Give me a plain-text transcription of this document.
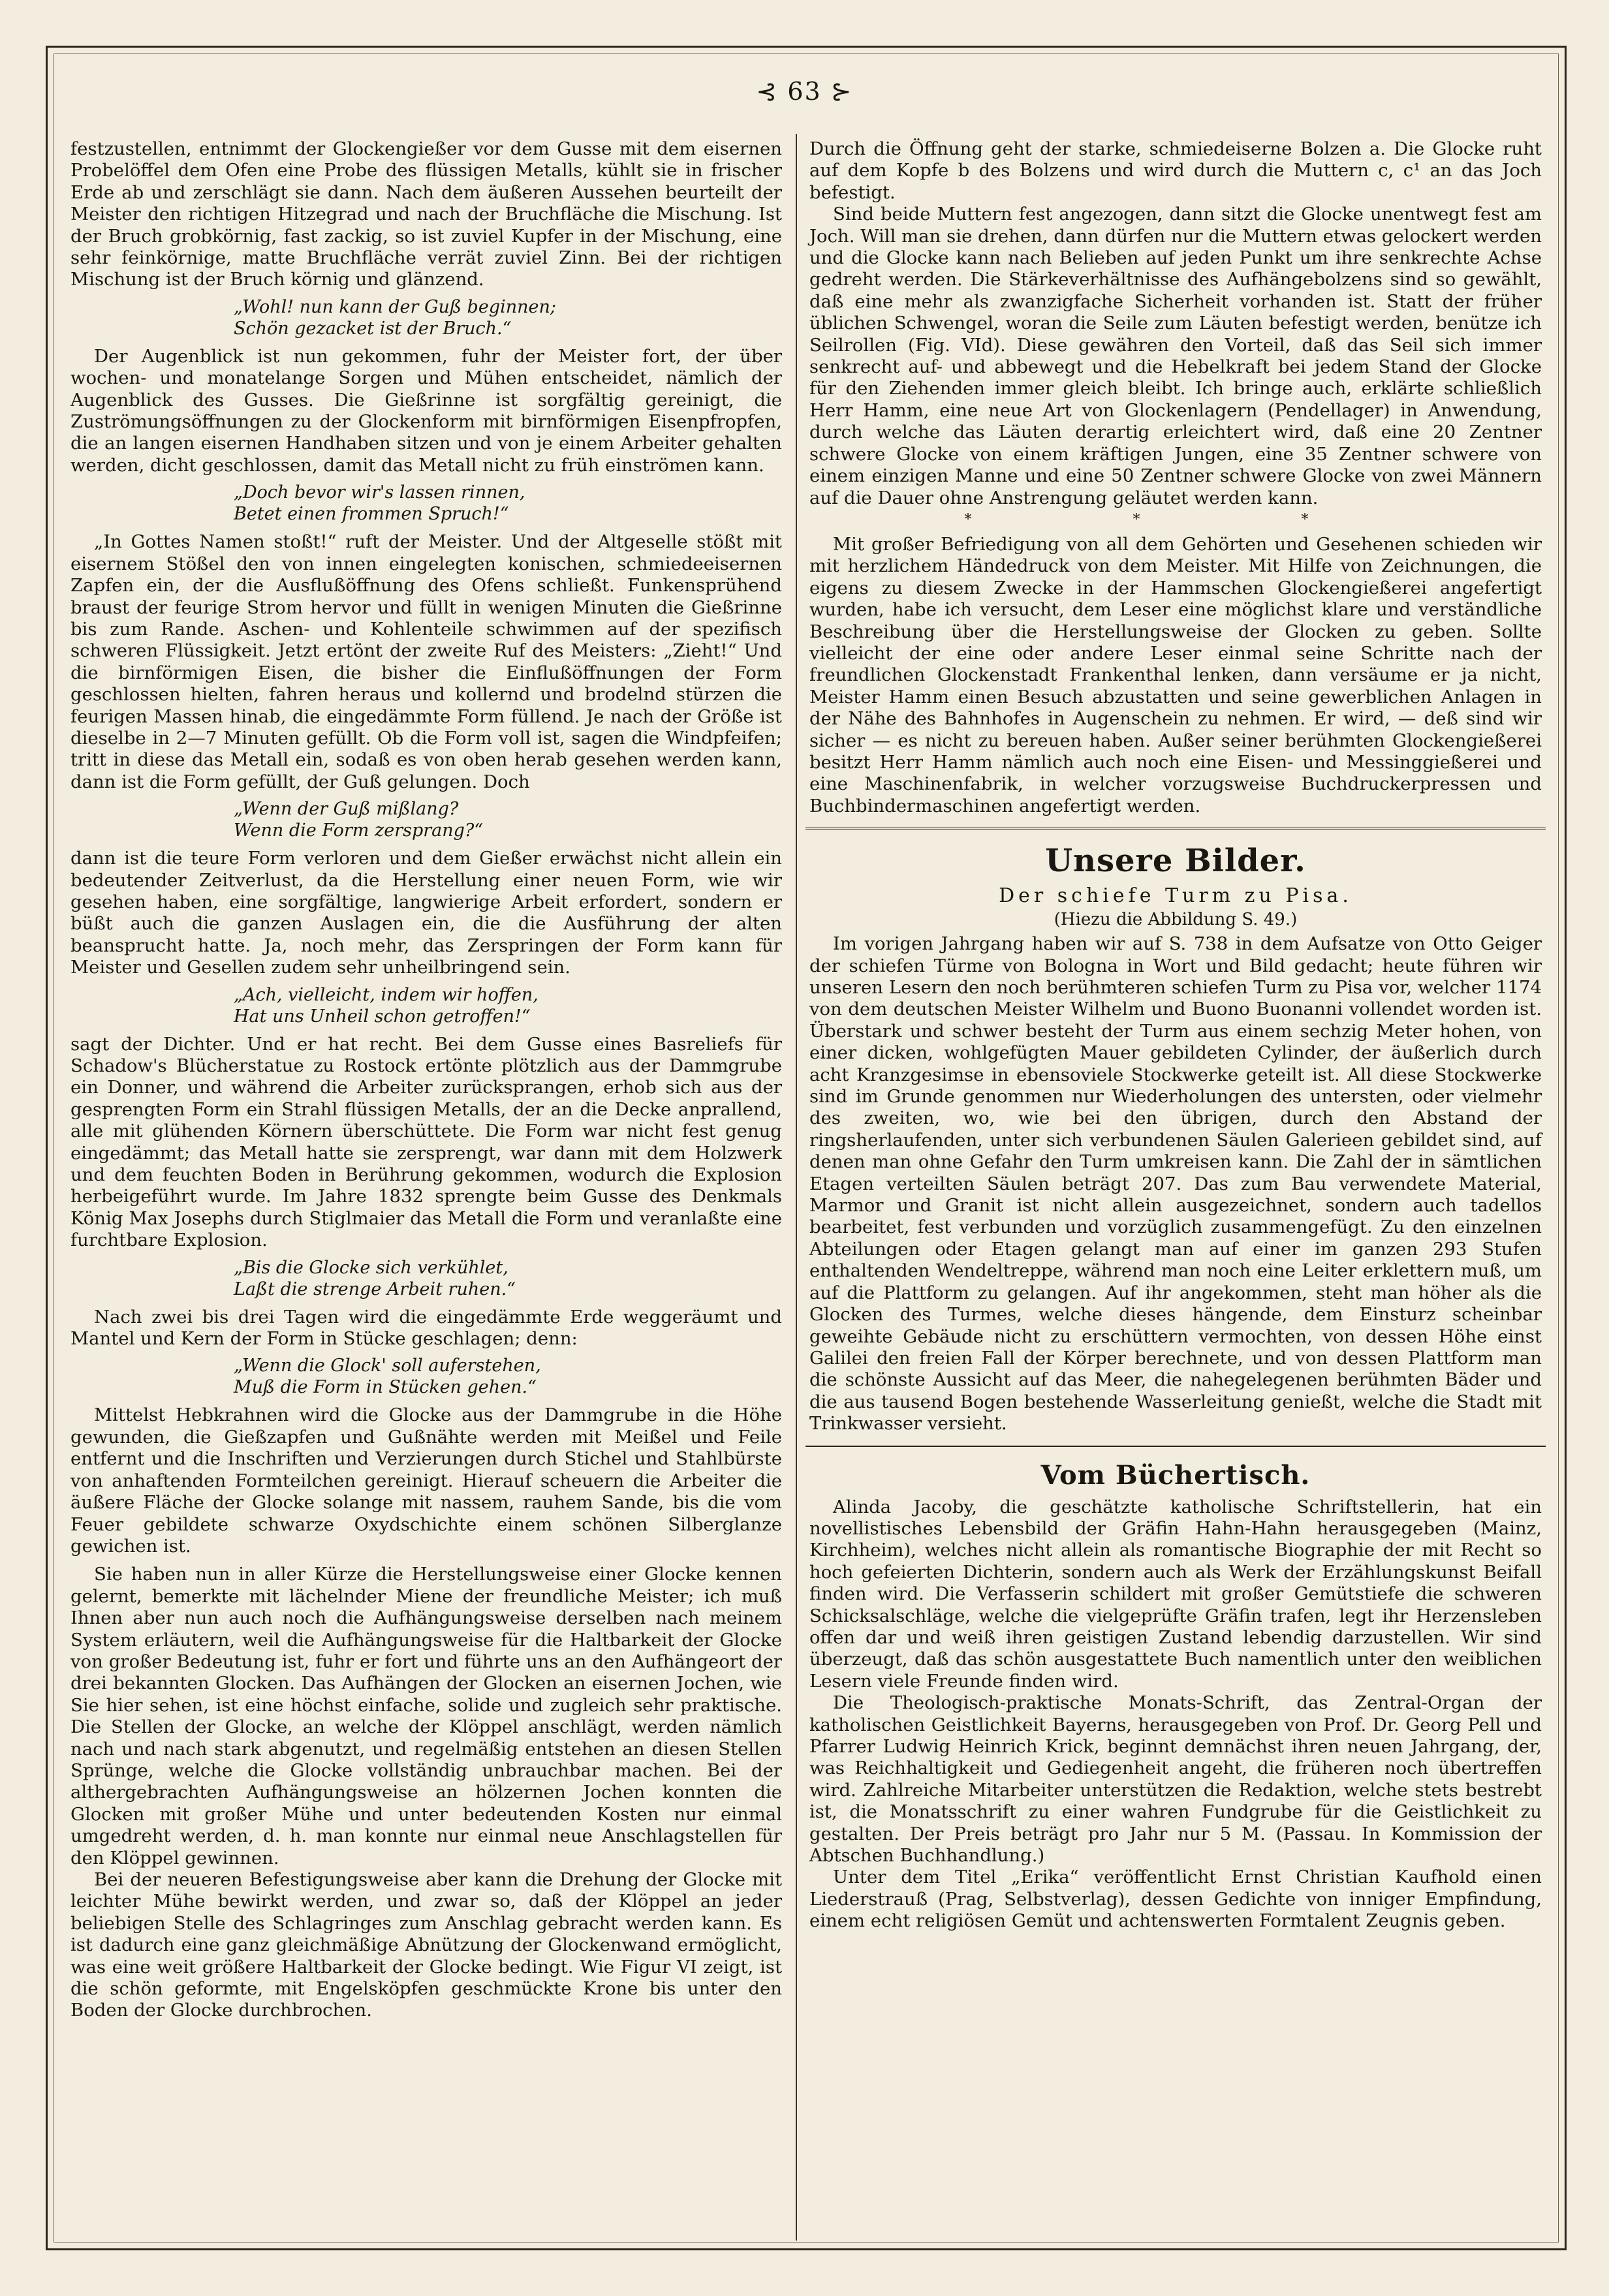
⊰ 63 ⊱

festzustellen, entnimmt der Glockengießer vor dem Gusse mit dem eisernen Probelöffel dem Ofen eine Probe des flüssigen Metalls, kühlt sie in frischer Erde ab und zerschlägt sie dann. Nach dem äußeren Aussehen beurteilt der Meister den richtigen Hitzegrad und nach der Bruchfläche die Mischung. Ist der Bruch grobkörnig, fast zackig, so ist zuviel Kupfer in der Mischung, eine sehr feinkörnige, matte Bruchfläche verrät zuviel Zinn. Bei der richtigen Mischung ist der Bruch körnig und glänzend.

„Wohl! nun kann der Guß beginnen;
Schön gezacket ist der Bruch.“

Der Augenblick ist nun gekommen, fuhr der Meister fort, der über wochen- und monatelange Sorgen und Mühen entscheidet, nämlich der Augenblick des Gusses. Die Gießrinne ist sorgfältig gereinigt, die Zuströmungsöffnungen zu der Glockenform mit birnförmigen Eisenpfropfen, die an langen eisernen Handhaben sitzen und von je einem Arbeiter gehalten werden, dicht geschlossen, damit das Metall nicht zu früh einströmen kann.

„Doch bevor wir's lassen rinnen,
Betet einen frommen Spruch!“

„In Gottes Namen stoßt!“ ruft der Meister. Und der Altgeselle stößt mit eisernem Stößel den von innen eingelegten konischen, schmiedeeisernen Zapfen ein, der die Ausflußöffnung des Ofens schließt. Funkensprühend braust der feurige Strom hervor und füllt in wenigen Minuten die Gießrinne bis zum Rande. Aschen- und Kohlenteile schwimmen auf der spezifisch schweren Flüssigkeit. Jetzt ertönt der zweite Ruf des Meisters: „Zieht!“ Und die birnförmigen Eisen, die bisher die Einflußöffnungen der Form geschlossen hielten, fahren heraus und kollernd und brodelnd stürzen die feurigen Massen hinab, die eingedämmte Form füllend. Je nach der Größe ist dieselbe in 2—7 Minuten gefüllt. Ob die Form voll ist, sagen die Windpfeifen; tritt in diese das Metall ein, sodaß es von oben herab gesehen werden kann, dann ist die Form gefüllt, der Guß gelungen. Doch

„Wenn der Guß mißlang?
Wenn die Form zersprang?“

dann ist die teure Form verloren und dem Gießer erwächst nicht allein ein bedeutender Zeitverlust, da die Herstellung einer neuen Form, wie wir gesehen haben, eine sorgfältige, langwierige Arbeit erfordert, sondern er büßt auch die ganzen Auslagen ein, die die Ausführung der alten beansprucht hatte. Ja, noch mehr, das Zerspringen der Form kann für Meister und Gesellen zudem sehr unheilbringend sein.

„Ach, vielleicht, indem wir hoffen,
Hat uns Unheil schon getroffen!“

sagt der Dichter. Und er hat recht. Bei dem Gusse eines Basreliefs für Schadow's Blücherstatue zu Rostock ertönte plötzlich aus der Dammgrube ein Donner, und während die Arbeiter zurücksprangen, erhob sich aus der gesprengten Form ein Strahl flüssigen Metalls, der an die Decke anprallend, alle mit glühenden Körnern überschüttete. Die Form war nicht fest genug eingedämmt; das Metall hatte sie zersprengt, war dann mit dem Holzwerk und dem feuchten Boden in Berührung gekommen, wodurch die Explosion herbeigeführt wurde. Im Jahre 1832 sprengte beim Gusse des Denkmals König Max Josephs durch Stiglmaier das Metall die Form und veranlaßte eine furchtbare Explosion.

„Bis die Glocke sich verkühlet,
Laßt die strenge Arbeit ruhen.“

Nach zwei bis drei Tagen wird die eingedämmte Erde weggeräumt und Mantel und Kern der Form in Stücke geschlagen; denn:

„Wenn die Glock' soll auferstehen,
Muß die Form in Stücken gehen.“

Mittelst Hebkrahnen wird die Glocke aus der Dammgrube in die Höhe gewunden, die Gießzapfen und Gußnähte werden mit Meißel und Feile entfernt und die Inschriften und Verzierungen durch Stichel und Stahlbürste von anhaftenden Formteilchen gereinigt. Hierauf scheuern die Arbeiter die äußere Fläche der Glocke solange mit nassem, rauhem Sande, bis die vom Feuer gebildete schwarze Oxydschichte einem schönen Silberglanze gewichen ist.

Sie haben nun in aller Kürze die Herstellungsweise einer Glocke kennen gelernt, bemerkte mit lächelnder Miene der freundliche Meister; ich muß Ihnen aber nun auch noch die Aufhängungsweise derselben nach meinem System erläutern, weil die Aufhängungsweise für die Haltbarkeit der Glocke von großer Bedeutung ist, fuhr er fort und führte uns an den Aufhängeort der drei bekannten Glocken. Das Aufhängen der Glocken an eisernen Jochen, wie Sie hier sehen, ist eine höchst einfache, solide und zugleich sehr praktische. Die Stellen der Glocke, an welche der Klöppel anschlägt, werden nämlich nach und nach stark abgenutzt, und regelmäßig entstehen an diesen Stellen Sprünge, welche die Glocke vollständig unbrauchbar machen. Bei der althergebrachten Aufhängungsweise an hölzernen Jochen konnten die Glocken mit großer Mühe und unter bedeutenden Kosten nur einmal umgedreht werden, d. h. man konnte nur einmal neue Anschlagstellen für den Klöppel gewinnen.

Bei der neueren Befestigungsweise aber kann die Drehung der Glocke mit leichter Mühe bewirkt werden, und zwar so, daß der Klöppel an jeder beliebigen Stelle des Schlagringes zum Anschlag gebracht werden kann. Es ist dadurch eine ganz gleichmäßige Abnützung der Glockenwand ermöglicht, was eine weit größere Haltbarkeit der Glocke bedingt. Wie Figur VI zeigt, ist die schön geformte, mit Engelsköpfen geschmückte Krone bis unter den Boden der Glocke durchbrochen.

Durch die Öffnung geht der starke, schmiedeiserne Bolzen a. Die Glocke ruht auf dem Kopfe b des Bolzens und wird durch die Muttern c, c¹ an das Joch befestigt.

Sind beide Muttern fest angezogen, dann sitzt die Glocke unentwegt fest am Joch. Will man sie drehen, dann dürfen nur die Muttern etwas gelockert werden und die Glocke kann nach Belieben auf jeden Punkt um ihre senkrechte Achse gedreht werden. Die Stärkeverhältnisse des Aufhängebolzens sind so gewählt, daß eine mehr als zwanzigfache Sicherheit vorhanden ist. Statt der früher üblichen Schwengel, woran die Seile zum Läuten befestigt werden, benütze ich Seilrollen (Fig. VId). Diese gewähren den Vorteil, daß das Seil sich immer senkrecht auf- und abbewegt und die Hebelkraft bei jedem Stand der Glocke für den Ziehenden immer gleich bleibt. Ich bringe auch, erklärte schließlich Herr Hamm, eine neue Art von Glockenlagern (Pendellager) in Anwendung, durch welche das Läuten derartig erleichtert wird, daß eine 20 Zentner schwere Glocke von einem kräftigen Jungen, eine 35 Zentner schwere von einem einzigen Manne und eine 50 Zentner schwere Glocke von zwei Männern auf die Dauer ohne Anstrengung geläutet werden kann.

* * *

Mit großer Befriedigung von all dem Gehörten und Gesehenen schieden wir mit herzlichem Händedruck von dem Meister. Mit Hilfe von Zeichnungen, die eigens zu diesem Zwecke in der Hammschen Glockengießerei angefertigt wurden, habe ich versucht, dem Leser eine möglichst klare und verständliche Beschreibung über die Herstellungsweise der Glocken zu geben. Sollte vielleicht der eine oder andere Leser einmal seine Schritte nach der freundlichen Glockenstadt Frankenthal lenken, dann versäume er ja nicht, Meister Hamm einen Besuch abzustatten und seine gewerblichen Anlagen in der Nähe des Bahnhofes in Augenschein zu nehmen. Er wird, — deß sind wir sicher — es nicht zu bereuen haben. Außer seiner berühmten Glockengießerei besitzt Herr Hamm nämlich auch noch eine Eisen- und Messinggießerei und eine Maschinenfabrik, in welcher vorzugsweise Buchdruckerpressen und Buchbindermaschinen angefertigt werden.

Unsere Bilder.
Der schiefe Turm zu Pisa.
(Hiezu die Abbildung S. 49.)

Im vorigen Jahrgang haben wir auf S. 738 in dem Aufsatze von Otto Geiger der schiefen Türme von Bologna in Wort und Bild gedacht; heute führen wir unseren Lesern den noch berühmteren schiefen Turm zu Pisa vor, welcher 1174 von dem deutschen Meister Wilhelm und Buono Buonanni vollendet worden ist. Überstark und schwer besteht der Turm aus einem sechzig Meter hohen, von einer dicken, wohlgefügten Mauer gebildeten Cylinder, der äußerlich durch acht Kranzgesimse in ebensoviele Stockwerke geteilt ist. All diese Stockwerke sind im Grunde genommen nur Wiederholungen des untersten, oder vielmehr des zweiten, wo, wie bei den übrigen, durch den Abstand der ringsherlaufenden, unter sich verbundenen Säulen Galerieen gebildet sind, auf denen man ohne Gefahr den Turm umkreisen kann. Die Zahl der in sämtlichen Etagen verteilten Säulen beträgt 207. Das zum Bau verwendete Material, Marmor und Granit ist nicht allein ausgezeichnet, sondern auch tadellos bearbeitet, fest verbunden und vorzüglich zusammengefügt. Zu den einzelnen Abteilungen oder Etagen gelangt man auf einer im ganzen 293 Stufen enthaltenden Wendeltreppe, während man noch eine Leiter erklettern muß, um auf die Plattform zu gelangen. Auf ihr angekommen, steht man höher als die Glocken des Turmes, welche dieses hängende, dem Einsturz scheinbar geweihte Gebäude nicht zu erschüttern vermochten, von dessen Höhe einst Galilei den freien Fall der Körper berechnete, und von dessen Plattform man die schönste Aussicht auf das Meer, die nahegelegenen berühmten Bäder und die aus tausend Bogen bestehende Wasserleitung genießt, welche die Stadt mit Trinkwasser versieht.

Vom Büchertisch.

Alinda Jacoby, die geschätzte katholische Schriftstellerin, hat ein novellistisches Lebensbild der Gräfin Hahn-Hahn herausgegeben (Mainz, Kirchheim), welches nicht allein als romantische Biographie der mit Recht so hoch gefeierten Dichterin, sondern auch als Werk der Erzählungskunst Beifall finden wird. Die Verfasserin schildert mit großer Gemütstiefe die schweren Schicksalschläge, welche die vielgeprüfte Gräfin trafen, legt ihr Herzensleben offen dar und weiß ihren geistigen Zustand lebendig darzustellen. Wir sind überzeugt, daß das schön ausgestattete Buch namentlich unter den weiblichen Lesern viele Freunde finden wird.

Die Theologisch-praktische Monats-Schrift, das Zentral-Organ der katholischen Geistlichkeit Bayerns, herausgegeben von Prof. Dr. Georg Pell und Pfarrer Ludwig Heinrich Krick, beginnt demnächst ihren neuen Jahrgang, der, was Reichhaltigkeit und Gediegenheit angeht, die früheren noch übertreffen wird. Zahlreiche Mitarbeiter unterstützen die Redaktion, welche stets bestrebt ist, die Monatsschrift zu einer wahren Fundgrube für die Geistlichkeit zu gestalten. Der Preis beträgt pro Jahr nur 5 M. (Passau. In Kommission der Abtschen Buchhandlung.)

Unter dem Titel „Erika“ veröffentlicht Ernst Christian Kaufhold einen Liederstrauß (Prag, Selbstverlag), dessen Gedichte von inniger Empfindung, einem echt religiösen Gemüt und achtenswerten Formtalent Zeugnis geben.
